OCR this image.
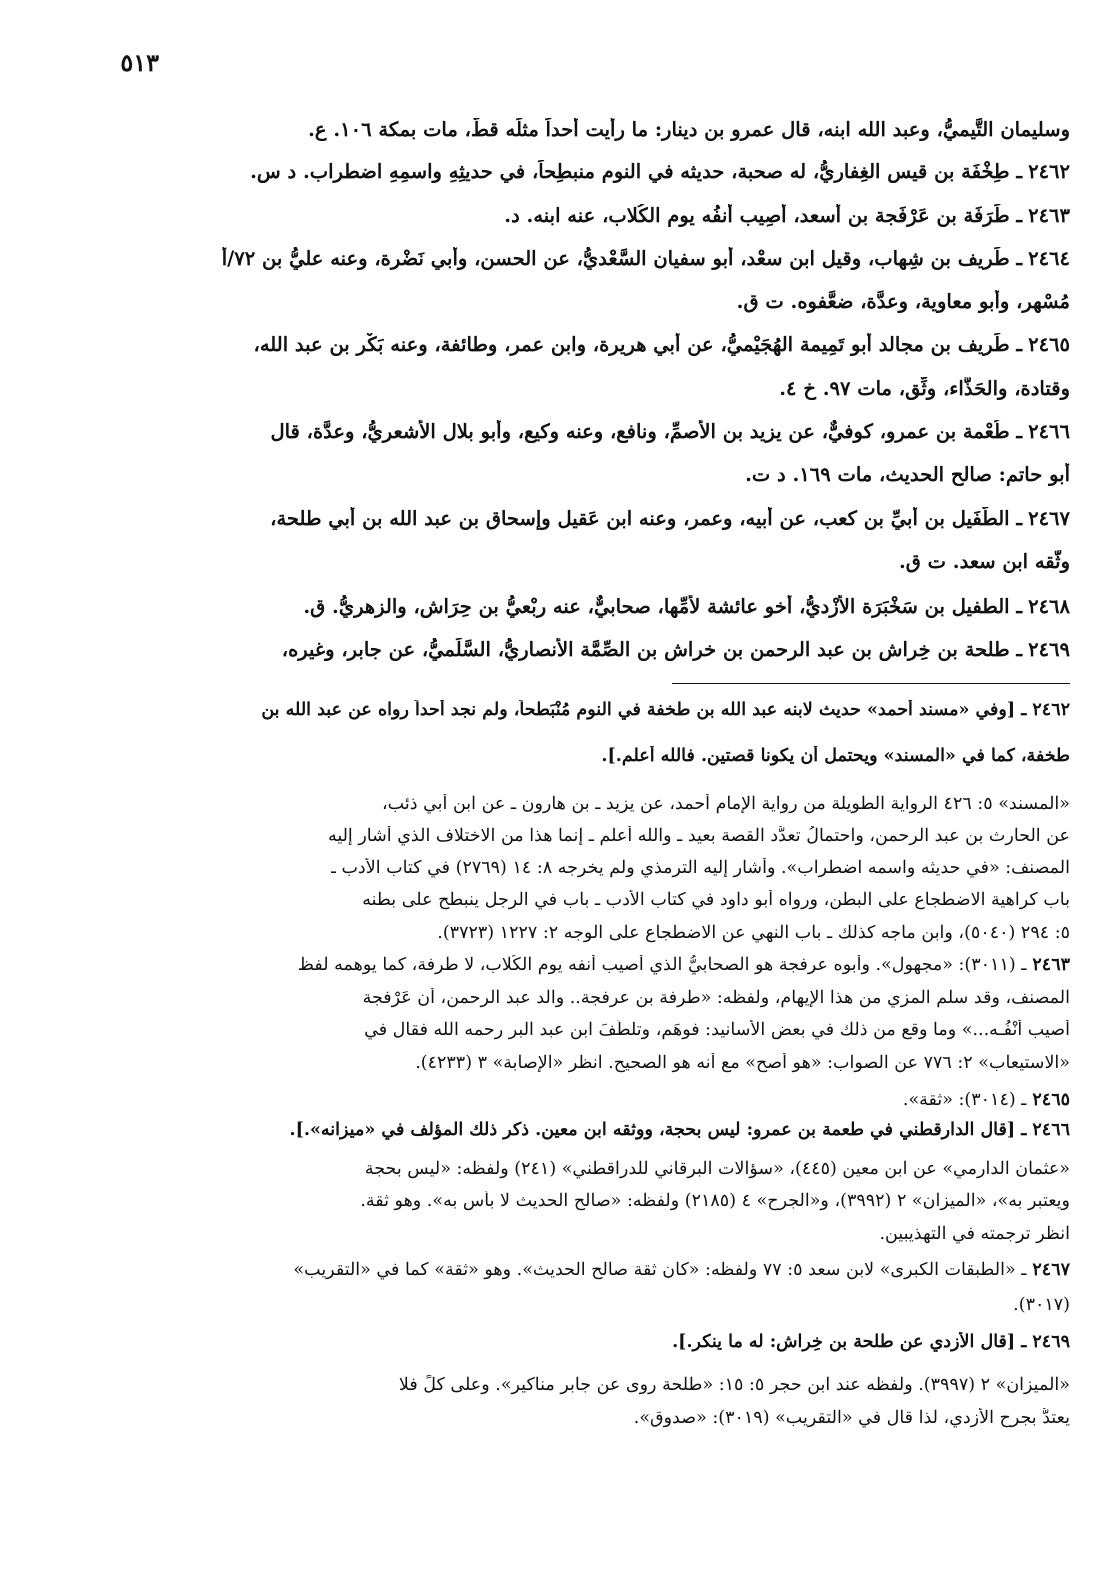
٥١٣
وسليمان التَّيميُّ، وعبد الله ابنه، قال عمرو بن دينار: ما رأيت أحداً مثلَه قطُّ، مات بمكة ١٠٦. ع.
٢٤٦٢ـ طِخْفَة بن قيس الغِفاريُّ، له صحبة، حديثه في النوم منبطِحاً، في حديثِهِ واسمِهِ اضطراب. د س.
٢٤٦٣ـ طَرَفَة بن عَرْفَجة بن أسعد، أُصِيب أنفُه يوم الكُلاب، عنه ابنه. د.
٢٤٦٤ـ طَريف بن شِهاب، وقيل ابن سعْد، أبو سفيان السَّعْديُّ، عن الحسن، وأبي نَضْرة، وعنه عليُّ بن ٧٢/أ
مُسْهِر، وأبو معاوية، وعدَّة، ضعَّفوه. ت ق.
٢٤٦٥ـ طَريف بن مجالد أبو تَمِيمة الهُجَيْميُّ، عن أبي هريرة، وابن عمر، وطائفة، وعنه بَكْر بن عبد الله،
وقتادة، والحَذَّاء، وثِّق، مات ٩٧. خ ٤.
٢٤٦٦ـ طُعْمة بن عمرو، كوفيٌّ، عن يزيد بن الأصمِّ، ونافع، وعنه وكيع، وأبو بلال الأشعريُّ، وعدَّة، قال
أبو حاتم: صالح الحديث، مات ١٦٩. د ت.
٢٤٦٧ـ الطُّفَيل بن أُبيِّ بن كعب، عن أبيه، وعمر، وعنه ابن عَقيل وإسحاق بن عبد الله بن أبي طلحة،
وثَّقه ابن سعد. ت ق.
٢٤٦٨ـ الطفيل بن سَخْبَرَة الأَزْديُّ، أخو عائشة لأمِّها، صحابيٌّ، عنه رِبْعيُّ بن حِرَاش، والزهريُّ. ق.
٢٤٦٩ـ طلحة بن خِراش بن عبد الرحمن بن خراش بن الصِّمَّة الأنصاريُّ، السَّلَميُّ، عن جابر، وغيره،
٢٤٦٢ـ [وفي «مسند أحمد» حديث لابنه عبد الله بن طخفة في النوم مُنْبَطحاً، ولم نجد أحداً رواه عن عبد الله بن
طخفة، كما في «المسند» ويحتمل أن يكونا قصتين. فالله أعلم.].
«المسند» ٥: ٤٢٦ الرواية الطويلة من رواية الإمام أحمد، عن يزيد ـ بن هارون ـ عن ابن أبي ذئب،
عن الحارث بن عبد الرحمن، واحتمالُ تعدُّد القصة بعيد ـ والله أعلم ـ إنما هذا من الاختلاف الذي أشار إليه
المصنف: «في حديثه واسمه اضطراب». وأشار إليه الترمذي ولم يخرجه ٨: ١٤ (٢٧٦٩) في كتاب الأدب ـ
باب كراهية الاضطجاع على البطن، ورواه أبو داود في كتاب الأدب ـ باب في الرجل ينبطح على بطنه
٥: ٢٩٤ (٥٠٤٠)، وابن ماجه كذلك ـ باب النهي عن الاضطجاع على الوجه ٢: ١٢٢٧ (٣٧٢٣).
٢٤٦٣ـ (٣٠١١): «مجهول». وأبوه عرفجة هو الصحابيُّ الذي أُصيب أنفه يوم الكُلاب، لا طرفة، كما يوهمه لفظ
المصنف، وقد سلم المزي من هذا الإيهام، ولفظه: «طرفة بن عرفجة.. والد عبد الرحمن، أن عَرْفجة
أُصيب أنْفُـه...» وما وقع من ذلك في بعض الأسانيد: فوهَم، وتلطَّفَ ابن عبد البر رحمه الله فقال في
«الاستيعاب» ٢: ٧٧٦ عن الصواب: «هو أصح» مع أنه هو الصحيح. انظر «الإصابة» ٣ (٤٢٣٣).
٢٤٦٥ـ (٣٠١٤): «ثقة».
٢٤٦٦ـ [قال الدارقطني في طعمة بن عمرو: ليس بحجة، ووثقه ابن معين. ذكر ذلك المؤلف في «ميزانه».].
«عثمان الدارمي» عن ابن معين (٤٤٥)، «سؤالات البرقاني للدراقطني» (٢٤١) ولفظه: «ليس بحجة
ويعتبر به»، «الميزان» ٢ (٣٩٩٢)، و«الجرح» ٤ (٢١٨٥) ولفظه: «صالح الحديث لا بأس به». وهو ثقة.
انظر ترجمته في التهذيبين.
٢٤٦٧ـ «الطبقات الكبرى» لابن سعد ٥: ٧٧ ولفظه: «كان ثقة صالح الحديث». وهو «ثقة» كما في «التقريب»
(٣٠١٧).
٢٤٦٩ـ [قال الأزدي عن طلحة بن خِراش: له ما ينكر.].
«الميزان» ٢ (٣٩٩٧). ولفظه عند ابن حجر ٥: ١٥: «طلحة روى عن جابر مناكير». وعلى كلٍّ فلا
يعتدُّ بجرح الأزدي، لذا قال في «التقريب» (٣٠١٩): «صدوق».
